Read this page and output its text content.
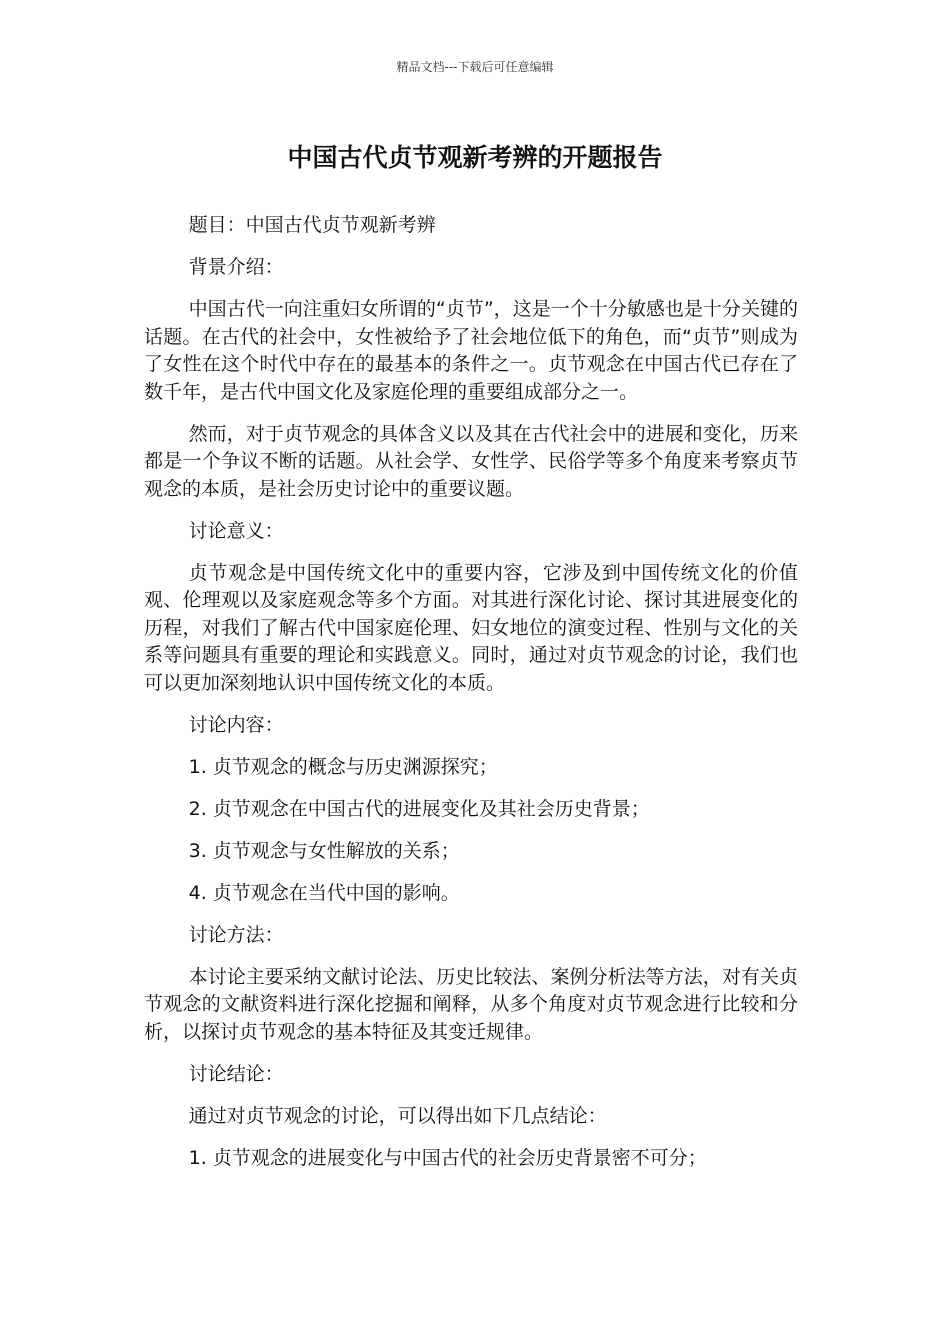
精品文档---下载后可任意编辑
中国古代贞节观新考辨的开题报告

题目：中国古代贞节观新考辨

背景介绍：

中国古代一向注重妇女所谓的“贞节”，这是一个十分敏感也是十分关键的话题。在古代的社会中，女性被给予了社会地位低下的角色，而“贞节”则成为了女性在这个时代中存在的最基本的条件之一。贞节观念在中国古代已存在了数千年，是古代中国文化及家庭伦理的重要组成部分之一。

然而，对于贞节观念的具体含义以及其在古代社会中的进展和变化，历来都是一个争议不断的话题。从社会学、女性学、民俗学等多个角度来考察贞节观念的本质，是社会历史讨论中的重要议题。

讨论意义：

贞节观念是中国传统文化中的重要内容，它涉及到中国传统文化的价值观、伦理观以及家庭观念等多个方面。对其进行深化讨论、探讨其进展变化的历程，对我们了解古代中国家庭伦理、妇女地位的演变过程、性别与文化的关系等问题具有重要的理论和实践意义。同时，通过对贞节观念的讨论，我们也可以更加深刻地认识中国传统文化的本质。

讨论内容：

1. 贞节观念的概念与历史渊源探究；

2. 贞节观念在中国古代的进展变化及其社会历史背景；

3. 贞节观念与女性解放的关系；

4. 贞节观念在当代中国的影响。

讨论方法：

本讨论主要采纳文献讨论法、历史比较法、案例分析法等方法，对有关贞节观念的文献资料进行深化挖掘和阐释，从多个角度对贞节观念进行比较和分析，以探讨贞节观念的基本特征及其变迁规律。

讨论结论：

通过对贞节观念的讨论，可以得出如下几点结论：

1. 贞节观念的进展变化与中国古代的社会历史背景密不可分；
